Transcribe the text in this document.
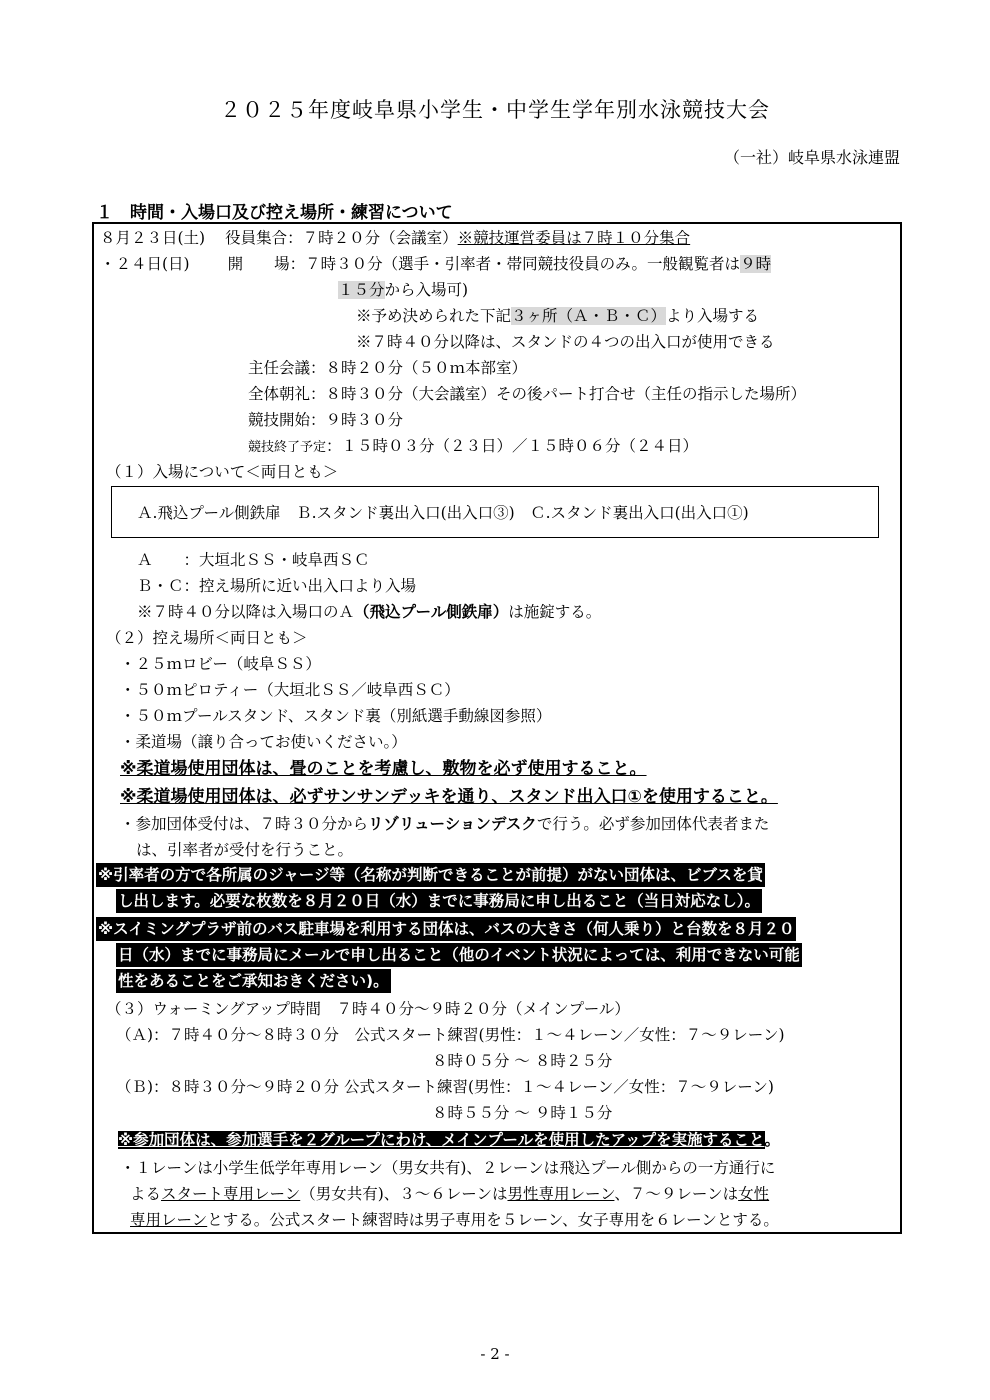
２０２５年度岐阜県小学生・中学生学年別水泳競技大会
（一社）岐阜県水泳連盟
１　時間・入場口及び控え場所・練習について
８月２３日(土) 役員集合：７時２０分（会議室）※競技運営委員は７時１０分集合
・２４日(日) 開　　場：７時３０分（選手・引率者・帯同競技役員のみ。一般観覧者は９時
１５分から入場可)
※予め決められた下記３ヶ所（Ａ・Ｂ・Ｃ）より入場する
※７時４０分以降は、スタンドの４つの出入口が使用できる
主任会議：８時２０分（５０ｍ本部室）
全体朝礼：８時３０分（大会議室）その後パート打合せ（主任の指示した場所）
競技開始：９時３０分
競技終了予定：１５時０３分（２３日）／１５時０６分（２４日）
（１）入場について＜両日とも＞
Ａ.飛込プール側鉄扉　Ｂ.スタンド裏出入口(出入口③)　Ｃ.スタンド裏出入口(出入口①)
Ａ　　：大垣北ＳＳ・岐阜西ＳＣ
Ｂ・Ｃ：控え場所に近い出入口より入場
※７時４０分以降は入場口のＡ（飛込プール側鉄扉）は施錠する。
（２）控え場所＜両日とも＞
・２５ｍロビー（岐阜ＳＳ）
・５０ｍピロティー（大垣北ＳＳ／岐阜西ＳＣ）
・５０ｍプールスタンド、スタンド裏（別紙選手動線図参照）
・柔道場（譲り合ってお使いください。）
※柔道場使用団体は、畳のことを考慮し、敷物を必ず使用すること。
※柔道場使用団体は、必ずサンサンデッキを通り、スタンド出入口①を使用すること。
・参加団体受付は、７時３０分からリゾリューションデスクで行う。必ず参加団体代表者また
は、引率者が受付を行うこと。
※引率者の方で各所属のジャージ等（名称が判断できることが前提）がない団体は、ビブスを貸
し出します。必要な枚数を８月２０日（水）までに事務局に申し出ること（当日対応なし）。
※スイミングプラザ前のバス駐車場を利用する団体は、バスの大きさ（何人乗り）と台数を８月２０
日（水）までに事務局にメールで申し出ること（他のイベント状況によっては、利用できない可能
性をあることをご承知おきください)。
（３）ウォーミングアップ時間　７時４０分～９時２０分（メインプール）
（Ａ)：７時４０分～８時３０分　公式スタート練習(男性：１～４レーン／女性：７～９レーン)
８時０５分 ～ ８時２５分
（Ｂ)：８時３０分～９時２０分 公式スタート練習(男性：１～４レーン／女性：７～９レーン)
８時５５分 ～ ９時１５分
※参加団体は、参加選手を２グループにわけ、メインプールを使用したアップを実施すること。
・１レーンは小学生低学年専用レーン（男女共有)、２レーンは飛込プール側からの一方通行に
よるスタート専用レーン（男女共有)、３～６レーンは男性専用レーン、７～９レーンは女性
専用レーンとする。公式スタート練習時は男子専用を５レーン、女子専用を６レーンとする。
- 2 -
